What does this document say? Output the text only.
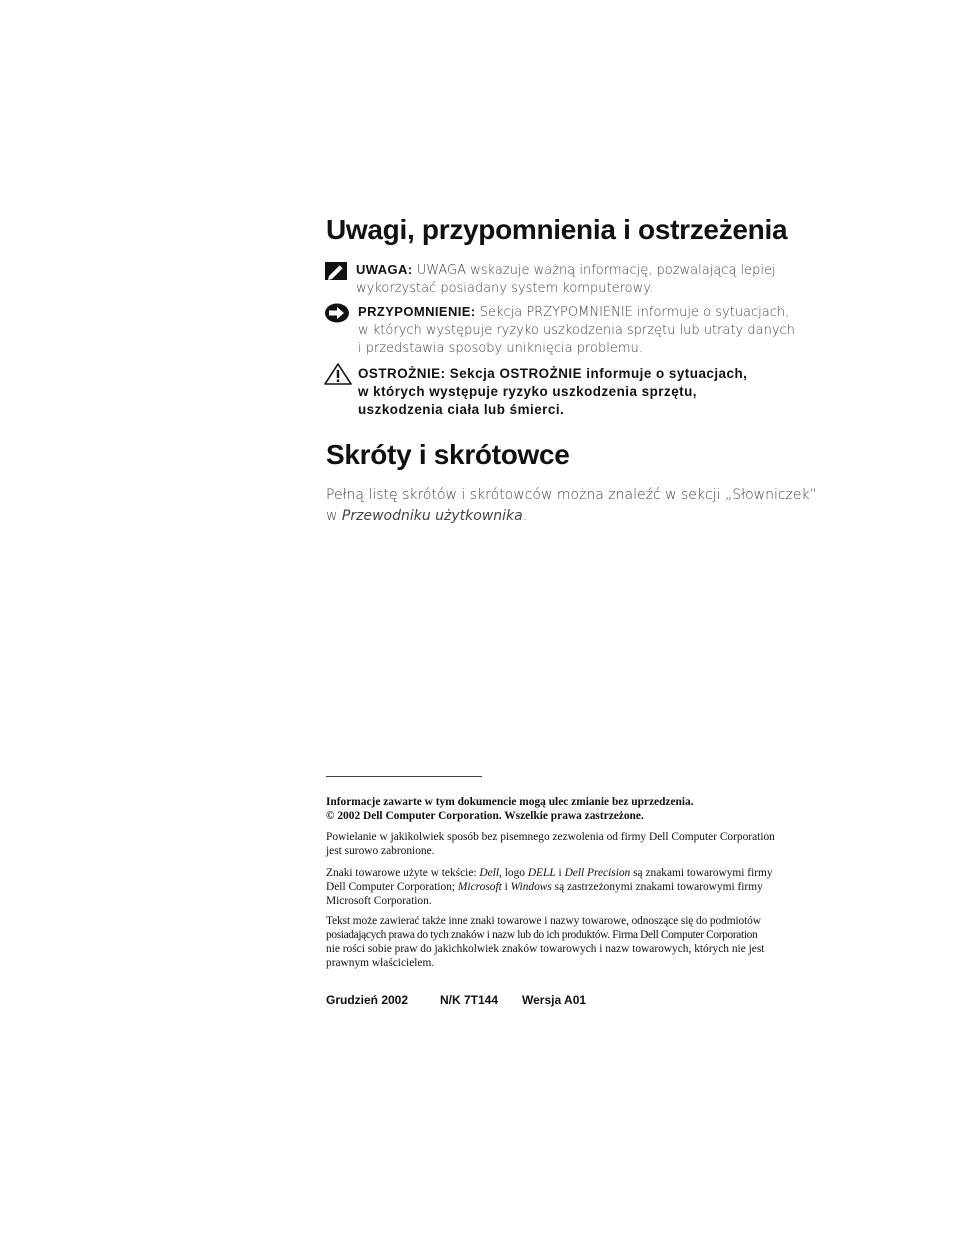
Uwagi, przypomnienia i ostrzeżenia
UWAGA: UWAGA wskazuje ważną informację, pozwalającą lepiej
wykorzystać posiadany system komputerowy.
PRZYPOMNIENIE: Sekcja PRZYPOMNIENIE informuje o sytuacjach,
w których występuje ryzyko uszkodzenia sprzętu lub utraty danych
i przedstawia sposoby uniknięcia problemu.
OSTROŻNIE: Sekcja OSTROŻNIE informuje o sytuacjach,
w których występuje ryzyko uszkodzenia sprzętu,
uszkodzenia ciała lub śmierci.
Skróty i skrótowce
Pełną listę skrótów i skrótowców można znaleźć w sekcji „Słowniczek”
w Przewodniku użytkownika.
Informacje zawarte w tym dokumencie mogą ulec zmianie bez uprzedzenia.
© 2002 Dell Computer Corporation. Wszelkie prawa zastrzeżone.
Powielanie w jakikolwiek sposób bez pisemnego zezwolenia od firmy Dell Computer Corporation
jest surowo zabronione.
Znaki towarowe użyte w tekście: Dell, logo DELL i Dell Precision są znakami towarowymi firmy
Dell Computer Corporation; Microsoft i Windows są zastrzeżonymi znakami towarowymi firmy
Microsoft Corporation.
Tekst może zawierać także inne znaki towarowe i nazwy towarowe, odnoszące się do podmiotów
posiadających prawa do tych znaków i nazw lub do ich produktów. Firma Dell Computer Corporation
nie rości sobie praw do jakichkolwiek znaków towarowych i nazw towarowych, których nie jest
prawnym właścicielem.
Grudzień 2002	N/K 7T144 Wersja A01
